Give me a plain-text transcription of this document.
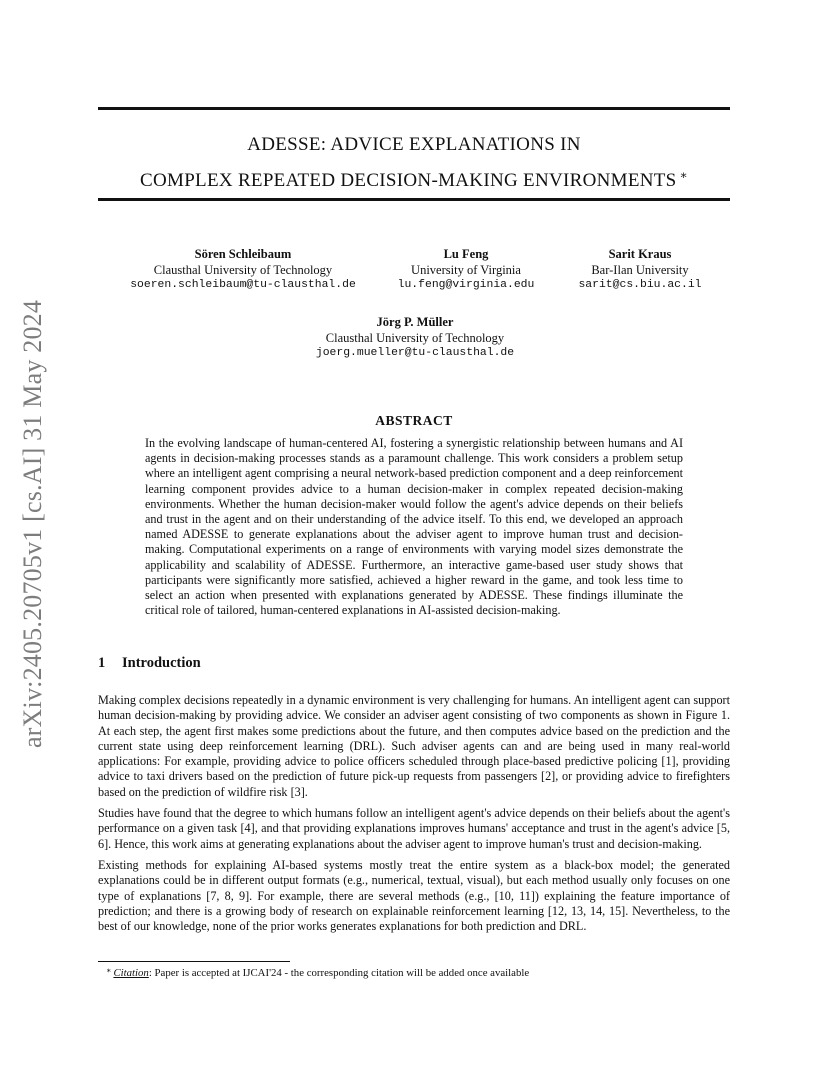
arXiv:2405.20705v1 [cs.AI] 31 May 2024
ADESSE: ADVICE EXPLANATIONS IN
COMPLEX REPEATED DECISION-MAKING ENVIRONMENTS ∗
Sören Schleibaum
Clausthal University of Technology
soeren.schleibaum@tu-clausthal.de
Lu Feng
University of Virginia
lu.feng@virginia.edu
Sarit Kraus
Bar-Ilan University
sarit@cs.biu.ac.il
Jörg P. Müller
Clausthal University of Technology
joerg.mueller@tu-clausthal.de
ABSTRACT

In the evolving landscape of human-centered AI, fostering a synergistic relationship between humans and AI agents in decision-making processes stands as a paramount challenge. This work considers a problem setup where an intelligent agent comprising a neural network-based prediction component and a deep reinforcement learning component provides advice to a human decision-maker in complex repeated decision-making environments. Whether the human decision-maker would follow the agent's advice depends on their beliefs and trust in the agent and on their understanding of the advice itself. To this end, we developed an approach named ADESSE to generate explanations about the adviser agent to improve human trust and decision-making. Computational experiments on a range of environments with varying model sizes demonstrate the applicability and scalability of ADESSE. Furthermore, an interactive game-based user study shows that participants were significantly more satisfied, achieved a higher reward in the game, and took less time to select an action when presented with explanations generated by ADESSE. These findings illuminate the critical role of tailored, human-centered explanations in AI-assisted decision-making.

1 Introduction

Making complex decisions repeatedly in a dynamic environment is very challenging for humans. An intelligent agent can support human decision-making by providing advice. We consider an adviser agent consisting of two components as shown in Figure 1. At each step, the agent first makes some predictions about the future, and then computes advice based on the prediction and the current state using deep reinforcement learning (DRL). Such adviser agents can and are being used in many real-world applications: For example, providing advice to police officers scheduled through place-based predictive policing [1], providing advice to taxi drivers based on the prediction of future pick-up requests from passengers [2], or providing advice to firefighters based on the prediction of wildfire risk [3].

Studies have found that the degree to which humans follow an intelligent agent's advice depends on their beliefs about the agent's performance on a given task [4], and that providing explanations improves humans' acceptance and trust in the agent's advice [5, 6]. Hence, this work aims at generating explanations about the adviser agent to improve human's trust and decision-making.

Existing methods for explaining AI-based systems mostly treat the entire system as a black-box model; the generated explanations could be in different output formats (e.g., numerical, textual, visual), but each method usually only focuses on one type of explanations [7, 8, 9]. For example, there are several methods (e.g., [10, 11]) explaining the feature importance of prediction; and there is a growing body of research on explainable reinforcement learning [12, 13, 14, 15]. Nevertheless, to the best of our knowledge, none of the prior works generates explanations for both prediction and DRL.

∗ Citation: Paper is accepted at IJCAI'24 - the corresponding citation will be added once available
